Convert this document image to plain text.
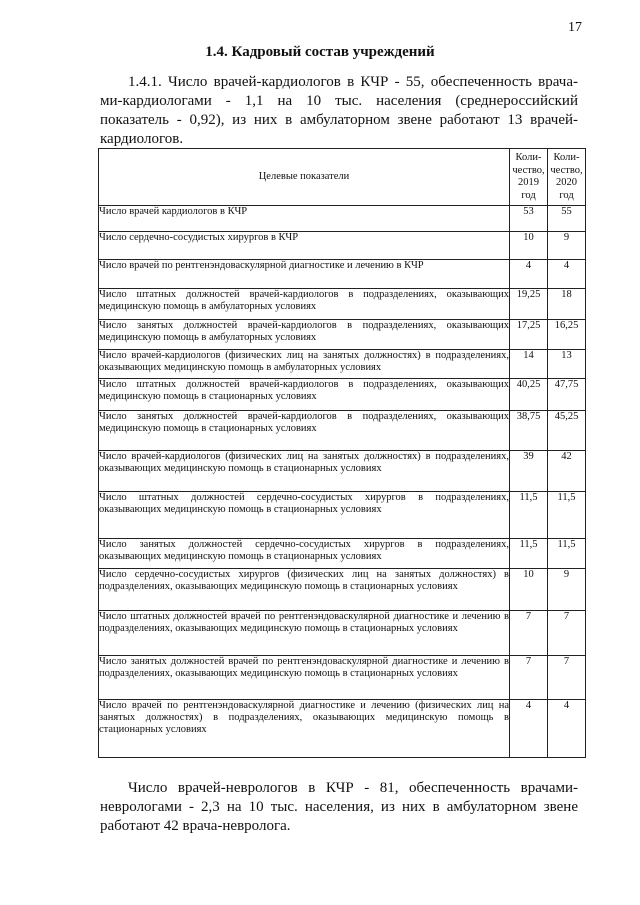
17
1.4. Кадровый состав учреждений

1.4.1. Число врачей-кардиологов в КЧР - 55, обеспеченность врача-ми-кардиологами - 1,1 на 10 тыс. населения (среднероссийский показатель - 0,92), из них в амбулаторном звене работают 13 врачей-кардиологов.

Целевые показатели	Коли-чество, 2019 год	Коли-чество, 2020 год
Число врачей кардиологов в КЧР	53	55
Число сердечно-сосудистых хирургов в КЧР	10	9
Число врачей по рентгенэндоваскулярной диагностике и лечению в КЧР	4	4
Число штатных должностей врачей-кардиологов в подразделениях, оказывающих медицинскую помощь в амбулаторных условиях	19,25	18
Число занятых должностей врачей-кардиологов в подразделениях, оказывающих медицинскую помощь в амбулаторных условиях	17,25	16,25
Число врачей-кардиологов (физических лиц на занятых должностях) в подразделениях, оказывающих медицинскую помощь в амбулаторных условиях	14	13
Число штатных должностей врачей-кардиологов в подразделениях, оказывающих медицинскую помощь в стационарных условиях	40,25	47,75
Число занятых должностей врачей-кардиологов в подразделениях, оказывающих медицинскую помощь в стационарных условиях	38,75	45,25
Число врачей-кардиологов (физических лиц на занятых должностях) в подразделениях, оказывающих медицинскую помощь в стационарных условиях	39	42
Число штатных должностей сердечно-сосудистых хирургов в подразделениях, оказывающих медицинскую помощь в стационарных условиях	11,5	11,5
Число занятых должностей сердечно-сосудистых хирургов в подразделениях, оказывающих медицинскую помощь в стационарных условиях	11,5	11,5
Число сердечно-сосудистых хирургов (физических лиц на занятых должностях) в подразделениях, оказывающих медицинскую помощь в стационарных условиях	10	9
Число штатных должностей врачей по рентгенэндоваскулярной диагностике и лечению в подразделениях, оказывающих медицинскую помощь в стационарных условиях	7	7
Число занятых должностей врачей по рентгенэндоваскулярной диагностике и лечению в подразделениях, оказывающих медицинскую помощь в стационарных условиях	7	7
Число врачей по рентгенэндоваскулярной диагностике и лечению (физических лиц на занятых должностях) в подразделениях, оказывающих медицинскую помощь в стационарных условиях	4	4

Число врачей-неврологов в КЧР - 81, обеспеченность врачами-неврологами - 2,3 на 10 тыс. населения, из них в амбулаторном звене работают 42 врача-невролога.
